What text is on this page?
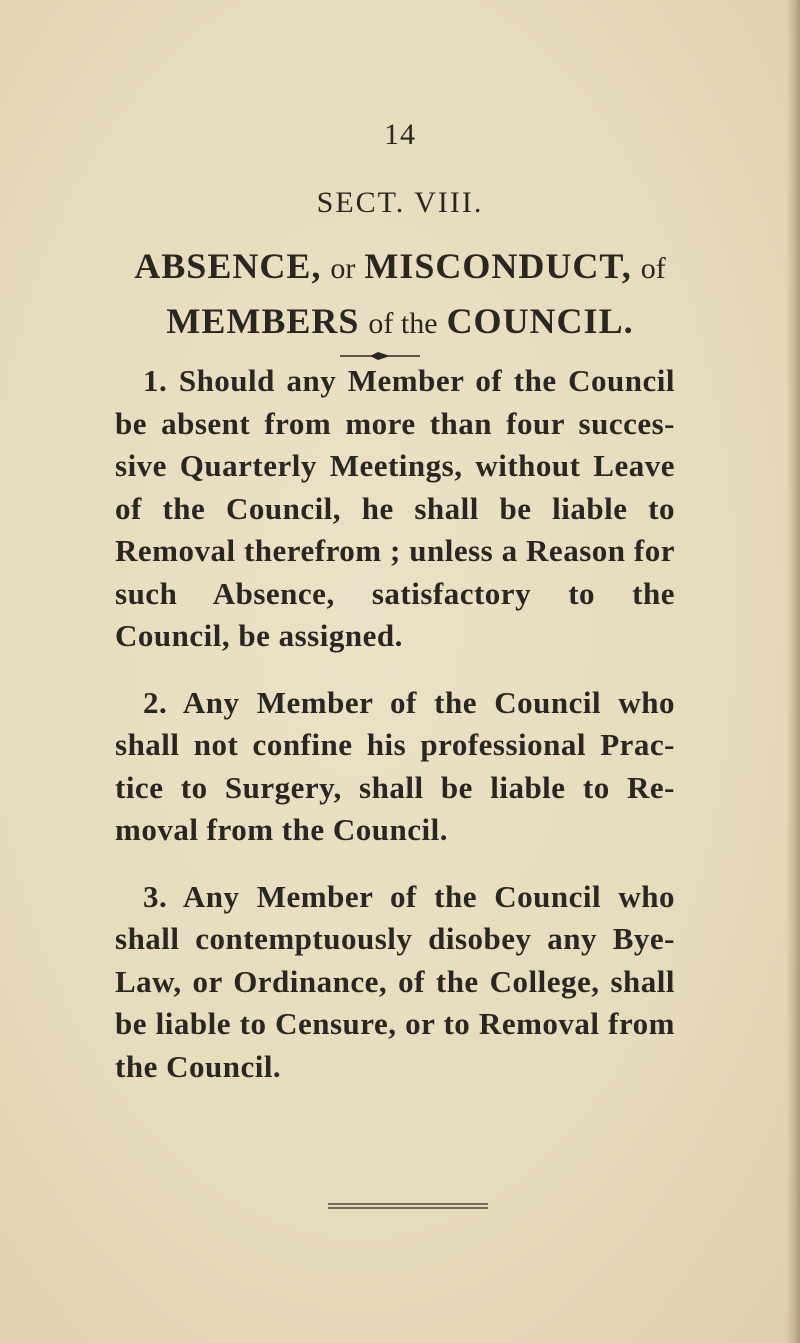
14
SECT. VIII.
ABSENCE, or MISCONDUCT, of
MEMBERS of the COUNCIL.

1. Should any Member of the Council be absent from more than four succes-sive Quarterly Meetings, without Leave of the Council, he shall be liable to Removal therefrom ; unless a Reason for such Absence, satisfactory to the Council, be assigned.

2. Any Member of the Council who shall not confine his professional Prac-tice to Surgery, shall be liable to Re-moval from the Council.

3. Any Member of the Council who shall contemptuously disobey any Bye-Law, or Ordinance, of the College, shall be liable to Censure, or to Removal from the Council.
